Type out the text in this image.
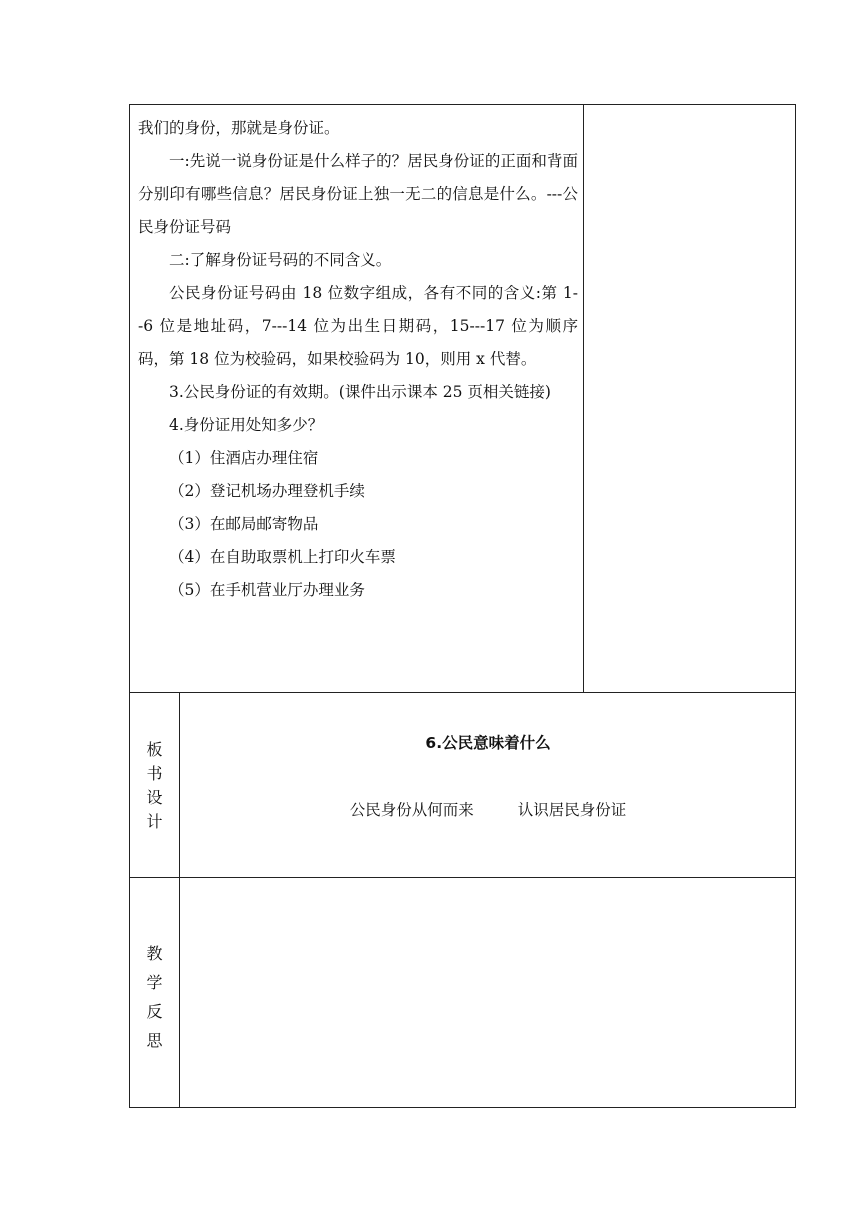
我们的身份，那就是身份证。

一:先说一说身份证是什么样子的？居民身份证的正面和背面分别印有哪些信息？居民身份证上独一无二的信息是什么。---公民身份证号码

二:了解身份证号码的不同含义。

公民身份证号码由 18 位数字组成，各有不同的含义:第 1--6 位是地址码，7---14 位为出生日期码，15---17 位为顺序码，第 18 位为校验码，如果校验码为 10，则用 x 代替。

3.公民身份证的有效期。(课件出示课本 25 页相关链接)

4.身份证用处知多少？

（1）住酒店办理住宿

（2）登记机场办理登机手续

（3）在邮局邮寄物品

（4）在自助取票机上打印火车票

（5）在手机营业厅办理业务

板
书
设
计
6.公民意味着什么
公民身份从何而来	认识居民身份证
教
学
反
思
